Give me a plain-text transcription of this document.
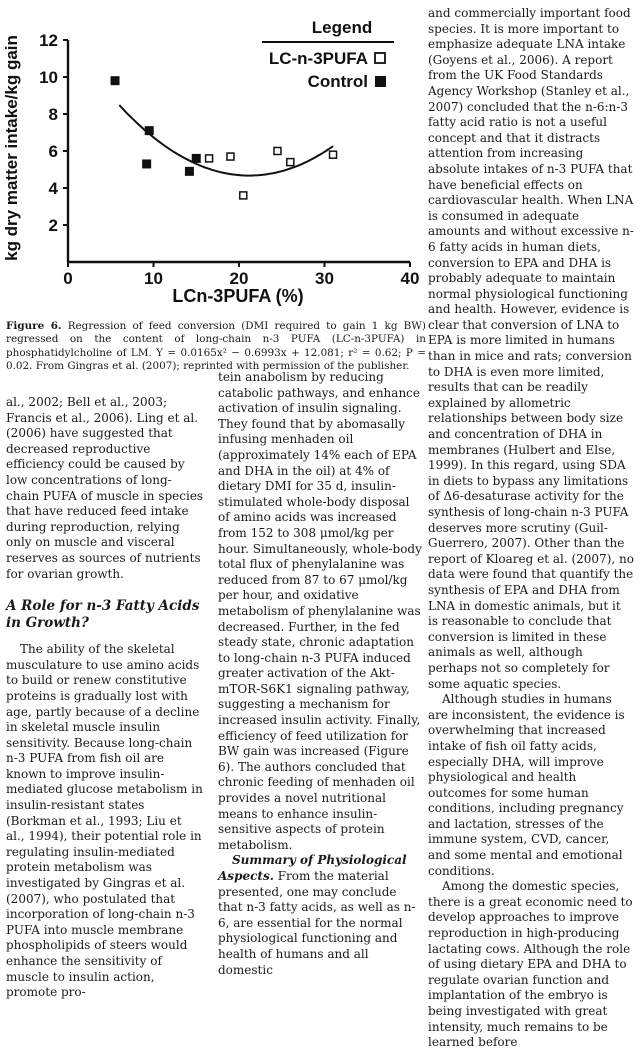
0	10	20	30	40
2
4
6
8
10
12
kg dry matter intake/kg gain
LCn-3PUFA (%)
Legend
LC-n-3PUFA
Control

Figure 6. Regression of feed conversion (DMI required to gain 1 kg BW) regressed on the content of long-chain n-3 PUFA (LC-n-3PUFA) in phosphatidylcholine of LM. Y = 0.0165x² − 0.6993x + 12.081; r² = 0.62; P = 0.02. From Gingras et al. (2007); reprinted with permission of the publisher.

al., 2002; Bell et al., 2003; Francis et al., 2006). Ling et al. (2006) have suggested that decreased reproductive efficiency could be caused by low concentrations of long-chain PUFA of muscle in species that have reduced feed intake during reproduction, relying only on muscle and visceral reserves as sources of nutrients for ovarian growth.

A Role for n-3 Fatty Acids in Growth?

The ability of the skeletal musculature to use amino acids to build or renew constitutive proteins is gradually lost with age, partly because of a decline in skeletal muscle insulin sensitivity. Because long-chain n-3 PUFA from fish oil are known to improve insulin-mediated glucose metabolism in insulin-resistant states (Borkman et al., 1993; Liu et al., 1994), their potential role in regulating insulin-mediated protein metabolism was investigated by Gingras et al. (2007), who postulated that incorporation of long-chain n-3 PUFA into muscle membrane phospholipids of steers would enhance the sensitivity of muscle to insulin action, promote pro-

tein anabolism by reducing catabolic pathways, and enhance activation of insulin signaling. They found that by abomasally infusing menhaden oil (approximately 14% each of EPA and DHA in the oil) at 4% of dietary DMI for 35 d, insulin-stimulated whole-body disposal of amino acids was increased from 152 to 308 μmol/kg per hour. Simultaneously, whole-body total flux of phenylalanine was reduced from 87 to 67 μmol/kg per hour, and oxidative metabolism of phenylalanine was decreased. Further, in the fed steady state, chronic adaptation to long-chain n-3 PUFA induced greater activation of the Akt-mTOR-S6K1 signaling pathway, suggesting a mechanism for increased insulin activity. Finally, efficiency of feed utilization for BW gain was increased (Figure 6). The authors concluded that chronic feeding of menhaden oil provides a novel nutritional means to enhance insulin-sensitive aspects of protein metabolism.

Summary of Physiological Aspects. From the material presented, one may conclude that n-3 fatty acids, as well as n-6, are essential for the normal physiological functioning and health of humans and all domestic

and commercially important food species. It is more important to emphasize adequate LNA intake (Goyens et al., 2006). A report from the UK Food Standards Agency Workshop (Stanley et al., 2007) concluded that the n-6:n-3 fatty acid ratio is not a useful concept and that it distracts attention from increasing absolute intakes of n-3 PUFA that have beneficial effects on cardiovascular health. When LNA is consumed in adequate amounts and without excessive n-6 fatty acids in human diets, conversion to EPA and DHA is probably adequate to maintain normal physiological functioning and health. However, evidence is clear that conversion of LNA to EPA is more limited in humans than in mice and rats; conversion to DHA is even more limited, results that can be readily explained by allometric relationships between body size and concentration of DHA in membranes (Hulbert and Else, 1999). In this regard, using SDA in diets to bypass any limitations of Δ6-desaturase activity for the synthesis of long-chain n-3 PUFA deserves more scrutiny (Guil-Guerrero, 2007). Other than the report of Kloareg et al. (2007), no data were found that quantify the synthesis of EPA and DHA from LNA in domestic animals, but it is reasonable to conclude that conversion is limited in these animals as well, although perhaps not so completely for some aquatic species.

Although studies in humans are inconsistent, the evidence is overwhelming that increased intake of fish oil fatty acids, especially DHA, will improve physiological and health outcomes for some human conditions, including pregnancy and lactation, stresses of the immune system, CVD, cancer, and some mental and emotional conditions.

Among the domestic species, there is a great economic need to develop approaches to improve reproduction in high-producing lactating cows. Although the role of using dietary EPA and DHA to regulate ovarian function and implantation of the embryo is being investigated with great intensity, much remains to be learned before
